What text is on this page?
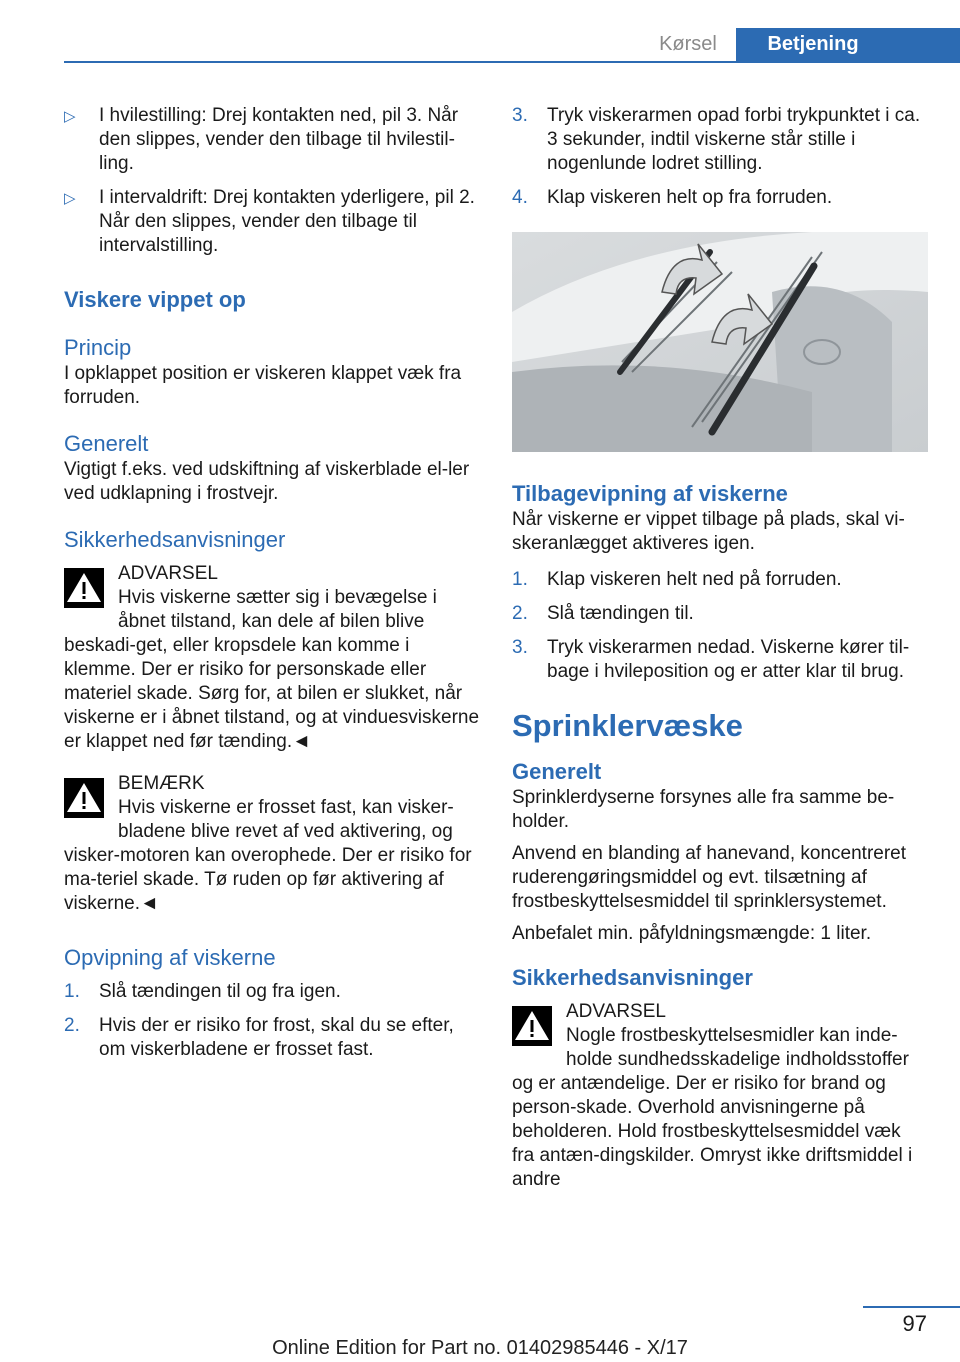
Kørsel	Betjening
▷ I hvilestilling: Drej kontakten ned, pil 3. Når den slippes, vender den tilbage til hvilestil-ling.
▷ I intervaldrift: Drej kontakten yderligere, pil 2. Når den slippes, vender den tilbage til intervalstilling.
Viskere vippet op
Princip

I opklappet position er viskeren klappet væk fra forruden.

Generelt

Vigtigt f.eks. ved udskiftning af viskerblade el-ler ved udklapning i frostvejr.

Sikkerhedsanvisninger
ADVARSEL

Hvis viskerne sætter sig i bevægelse i åbnet tilstand, kan dele af bilen blive beskadi-get, eller kropsdele kan komme i klemme. Der er risiko for personskade eller materiel skade. Sørg for, at bilen er slukket, når viskerne er i åbnet tilstand, og at vinduesviskerne er klappet ned før tænding.◄

BEMÆRK

Hvis viskerne er frosset fast, kan visker-bladene blive revet af ved aktivering, og visker-motoren kan overophede. Der er risiko for ma-teriel skade. Tø ruden op før aktivering af viskerne.◄

Opvipning af viskerne
1. Slå tændingen til og fra igen.
2. Hvis der er risiko for frost, skal du se efter, om viskerbladene er frosset fast.
3. Tryk viskerarmen opad forbi trykpunktet i ca. 3 sekunder, indtil viskerne står stille i nogenlunde lodret stilling.
4. Klap viskeren helt op fra forruden.
Tilbagevipning af viskerne

Når viskerne er vippet tilbage på plads, skal vi-skeranlægget aktiveres igen.

1. Klap viskeren helt ned på forruden.
2. Slå tændingen til.
3. Tryk viskerarmen nedad. Viskerne kører til-bage i hvileposition og er atter klar til brug.
Sprinklervæske
Generelt

Sprinklerdyserne forsynes alle fra samme be-holder.

Anvend en blanding af hanevand, koncentreret ruderengøringsmiddel og evt. tilsætning af frostbeskyttelsesmiddel til sprinklersystemet.

Anbefalet min. påfyldningsmængde: 1 liter.

Sikkerhedsanvisninger
ADVARSEL

Nogle frostbeskyttelsesmidler kan inde-holde sundhedsskadelige indholdsstoffer og er antændelige. Der er risiko for brand og person-skade. Overhold anvisningerne på beholderen. Hold frostbeskyttelsesmiddel væk fra antæn-dingskilder. Omryst ikke driftsmiddel i andre

97
Online Edition for Part no. 01402985446 - X/17
